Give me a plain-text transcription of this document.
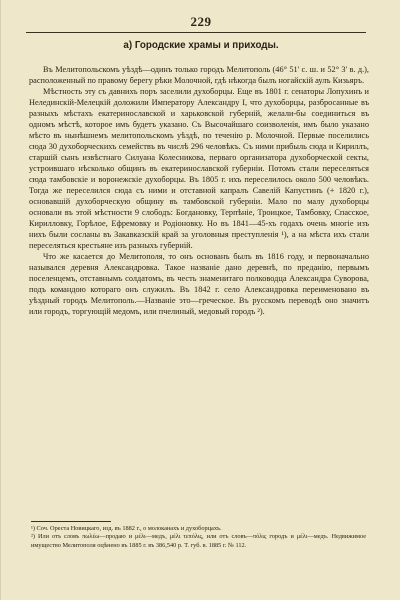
229
а) Городские храмы и приходы.

Въ Мелитопольскомъ уѣздѣ—одинъ только городъ Мелитополь (46° 51' с. ш. и 52° 3' в. д.), расположенный по правому берегу рѣки Молочной, гдѣ нѣкогда былъ ногайскій аулъ Кизьяръ.

Мѣстность эту съ давнихъ поръ заселили духоборцы. Еще въ 1801 г. сенаторы Лопухинъ и Нелединскій-Мелецкій доложили Императору Александру I, что духоборцы, разбросанные въ разныхъ мѣстахъ екатеринославской и харьковской губерній, желали-бы соединиться въ одномъ мѣстѣ, которое имъ будетъ указано. Съ Высочайшаго соизволенія, имъ было указано мѣсто въ нынѣшнемъ мелитопольскомъ уѣздѣ, по теченію р. Молочной. Первые поселились сюда 30 духоборческихъ семействъ въ числѣ 296 человѣкъ. Съ ними прибыль сюда и Кириллъ, старшій сынъ извѣстнаго Силуана Колесникова, перваго организатора духоборческой секты, устроившаго нѣсколько общинъ въ екатеринославской губерніи. Потомъ стали переселяться сюда тамбовскіе и воронежскіе духоборцы. Въ 1805 г. ихъ переселилось около 500 человѣкъ. Тогда же переселился сюда съ ними и отставной капралъ Савелій Капустинъ (+ 1820 г.), основавшій духоборческую общину въ тамбовской губерніи. Мало по малу духоборцы основали въ этой мѣстности 9 слободъ: Богдановку, Терпѣніе, Троицкое, Тамбовку, Спасское, Кирилловку, Горѣлое, Ефремовку и Родіоновку. Но въ 1841—45-хъ годахъ очень многіе изъ нихъ были сосланы въ Закавказскій край за уголовныя преступленія ¹), а на мѣста ихъ стали переселяться крестьяне изъ разныхъ губерній.

Что же касается до Мелитополя, то онъ основанъ былъ въ 1816 году, и первоначально назывался деревня Александровка. Такое названіе дано деревнѣ, по преданію, первымъ поселенцемъ, отставнымъ солдатомъ, въ честь знаменитаго полководца Александра Суворова, подъ командою котораго онъ служилъ. Въ 1842 г. село Александровка переименовано въ уѣздный городъ Мелитополь.—Названіе это—греческое. Въ русскомъ переводѣ оно значитъ или городъ, торгующій медомъ, или пчелиный, медовый городъ ²).

¹) Соч. Ореста Новицкаго, изд. въ 1882 г., о молоканахъ и духоборцахъ.

²) Или отъ словъ πωλέω—продаю и μέλι—медъ, μέλι τεπόλις, или отъ словъ—πόλις городъ и μέλι—медъ. Недвижимое имущество Мелитополя оцѣнено въ 1885 г. въ 386,540 р. Т. губ. в. 1885 г. № 112.
